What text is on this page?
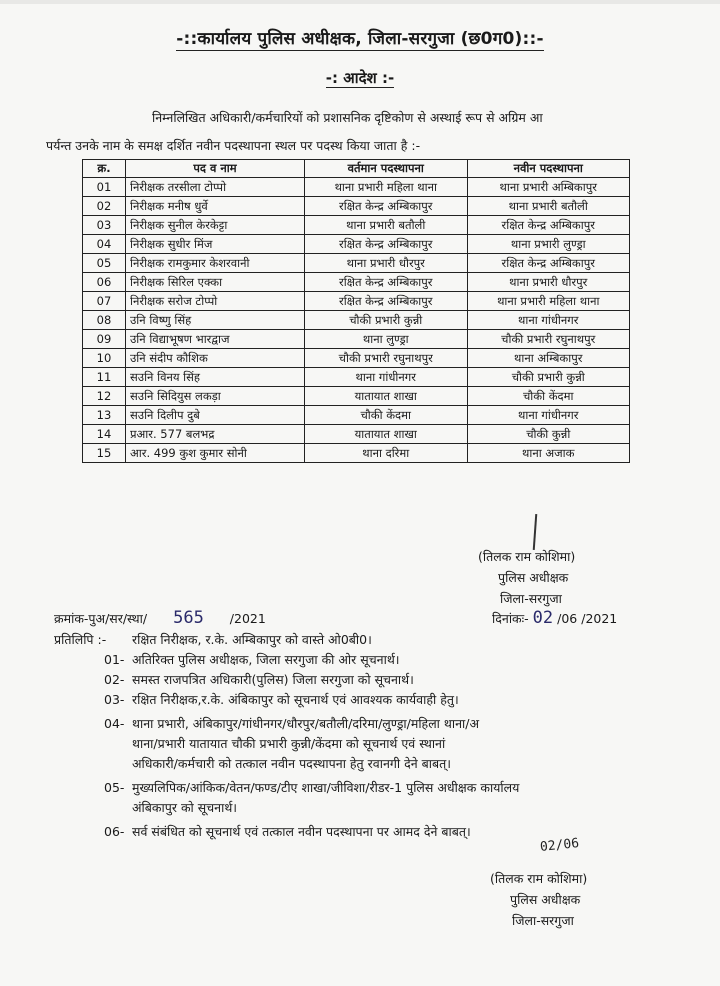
-::कार्यालय पुलिस अधीक्षक, जिला-सरगुजा (छ0ग0)::-
-: आदेश :-
निम्नलिखित अधिकारी/कर्मचारियों को प्रशासनिक दृष्टिकोण से अस्थाई रूप से अग्रिम आ
पर्यन्त उनके नाम के समक्ष दर्शित नवीन पदस्थापना स्थल पर पदस्थ किया जाता है :-
क्र.	पद व नाम	वर्तमान पदस्थापना	नवीन पदस्थापना
01	निरीक्षक तरसीला टोप्पो	थाना प्रभारी महिला थाना	थाना प्रभारी अम्बिकापुर
02	निरीक्षक मनीष धुर्वे	रक्षित केन्द्र अम्बिकापुर	थाना प्रभारी बतौली
03	निरीक्षक सुनील केरकेट्टा	थाना प्रभारी बतौली	रक्षित केन्द्र अम्बिकापुर
04	निरीक्षक सुधीर मिंज	रक्षित केन्द्र अम्बिकापुर	थाना प्रभारी लुण्ड्रा
05	निरीक्षक रामकुमार केशरवानी	थाना प्रभारी धौरपुर	रक्षित केन्द्र अम्बिकापुर
06	निरीक्षक सिरिल एक्का	रक्षित केन्द्र अम्बिकापुर	थाना प्रभारी धौरपुर
07	निरीक्षक सरोज टोप्पो	रक्षित केन्द्र अम्बिकापुर	थाना प्रभारी महिला थाना
08	उनि विष्णु सिंह	चौकी प्रभारी कुन्नी	थाना गांधीनगर
09	उनि विद्याभूषण भारद्वाज	थाना लुण्ड्रा	चौकी प्रभारी रघुनाथपुर
10	उनि संदीप कौशिक	चौकी प्रभारी रघुनाथपुर	थाना अम्बिकापुर
11	सउनि विनय सिंह	थाना गांधीनगर	चौकी प्रभारी कुन्नी
12	सउनि सिदियुस लकड़ा	यातायात शाखा	चौकी केंदमा
13	सउनि दिलीप दुबे	चौकी केंदमा	थाना गांधीनगर
14	प्रआर. 577 बलभद्र	यातायात शाखा	चौकी कुन्नी
15	आर. 499 कुश कुमार सोनी	थाना दरिमा	थाना अजाक
(तिलक राम कोशिमा)
पुलिस अधीक्षक
जिला-सरगुजा
क्रमांक-पुअ/सर/स्था/ 565 /2021	दिनांकः- 02 /06 /2021
प्रतिलिपि :- रक्षित निरीक्षक, र.के. अम्बिकापुर को वास्ते ओ0बी0।
01- अतिरिक्त पुलिस अधीक्षक, जिला सरगुजा की ओर सूचनार्थ।
02- समस्त राजपत्रित अधिकारी(पुलिस) जिला सरगुजा को सूचनार्थ।
03- रक्षित निरीक्षक,र.के. अंबिकापुर को सूचनार्थ एवं आवश्यक कार्यवाही हेतु।
04- थाना प्रभारी, अंबिकापुर/गांधीनगर/धौरपुर/बतौली/दरिमा/लुण्ड्रा/महिला थाना/अ
थाना/प्रभारी यातायात चौकी प्रभारी कुन्नी/केंदमा को सूचनार्थ एवं स्थानां
अधिकारी/कर्मचारी को तत्काल नवीन पदस्थापना हेतु रवानगी देने बाबत्।
05- मुख्यलिपिक/आंकिक/वेतन/फण्ड/टीए शाखा/जीविशा/रीडर-1 पुलिस अधीक्षक कार्यालय
अंबिकापुर को सूचनार्थ।
06- सर्व संबंधित को सूचनार्थ एवं तत्काल नवीन पदस्थापना पर आमद देने बाबत्।
02/06
(तिलक राम कोशिमा)
पुलिस अधीक्षक
जिला-सरगुजा
